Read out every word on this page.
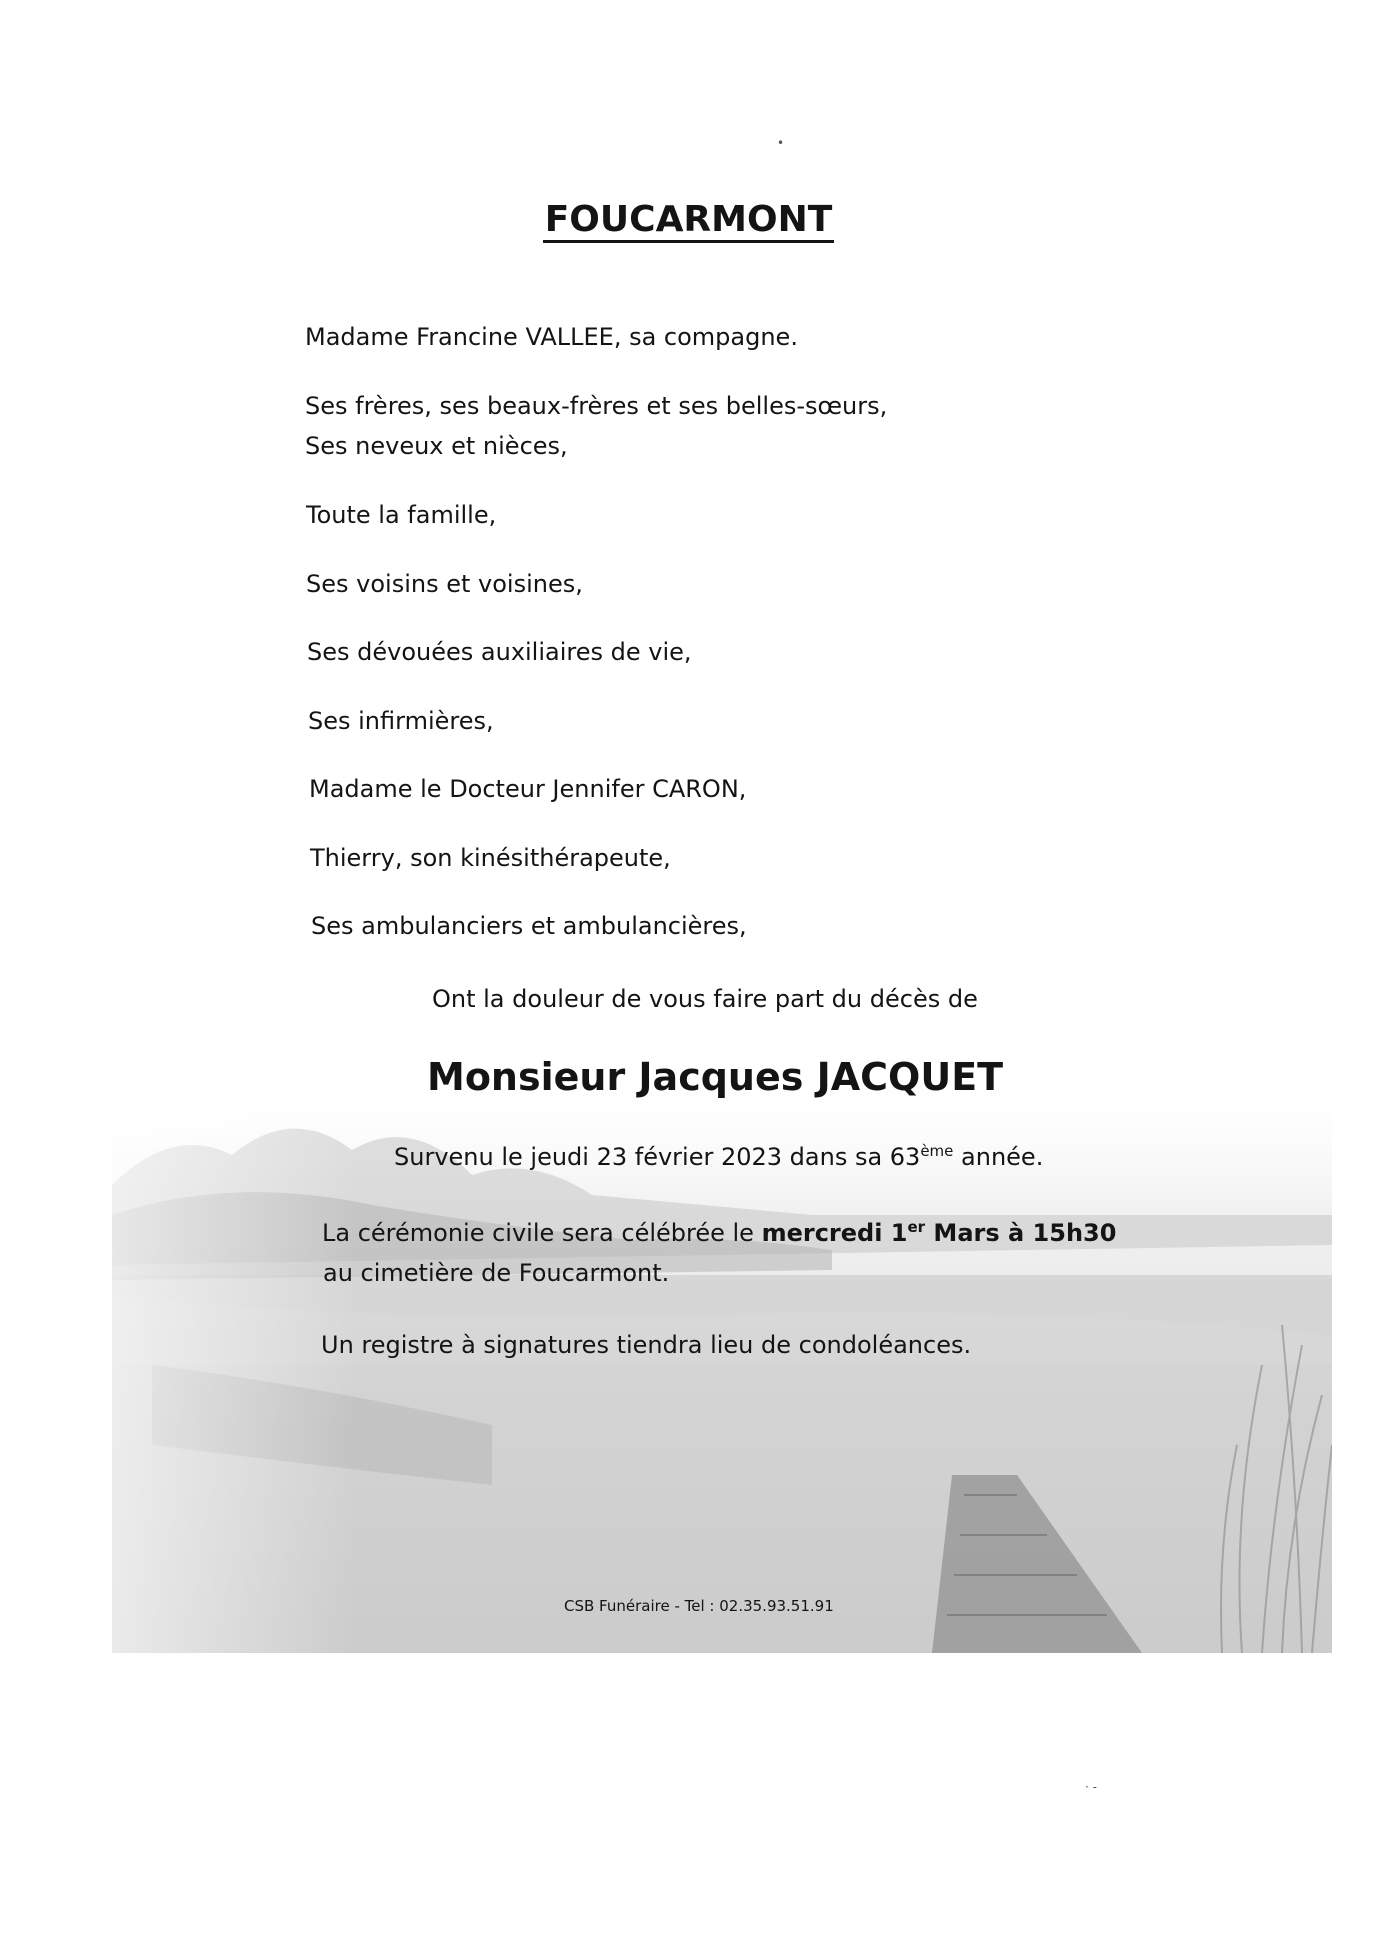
•
FOUCARMONT
Madame Francine VALLEE, sa compagne.
Ses frères, ses beaux-frères et ses belles-sœurs,
Ses neveux et nièces,
Toute la famille,
Ses voisins et voisines,
Ses dévouées auxiliaires de vie,
Ses infirmières,
Madame le Docteur Jennifer CARON,
Thierry, son kinésithérapeute,
Ses ambulanciers et ambulancières,
Ont la douleur de vous faire part du décès de
Monsieur Jacques JACQUET
Survenu le jeudi 23 février 2023 dans sa 63ème année.
La cérémonie civile sera célébrée le mercredi 1er Mars à 15h30
au cimetière de Foucarmont.
Un registre à signatures tiendra lieu de condoléances.
CSB Funéraire - Tel : 02.35.93.51.91
· -
